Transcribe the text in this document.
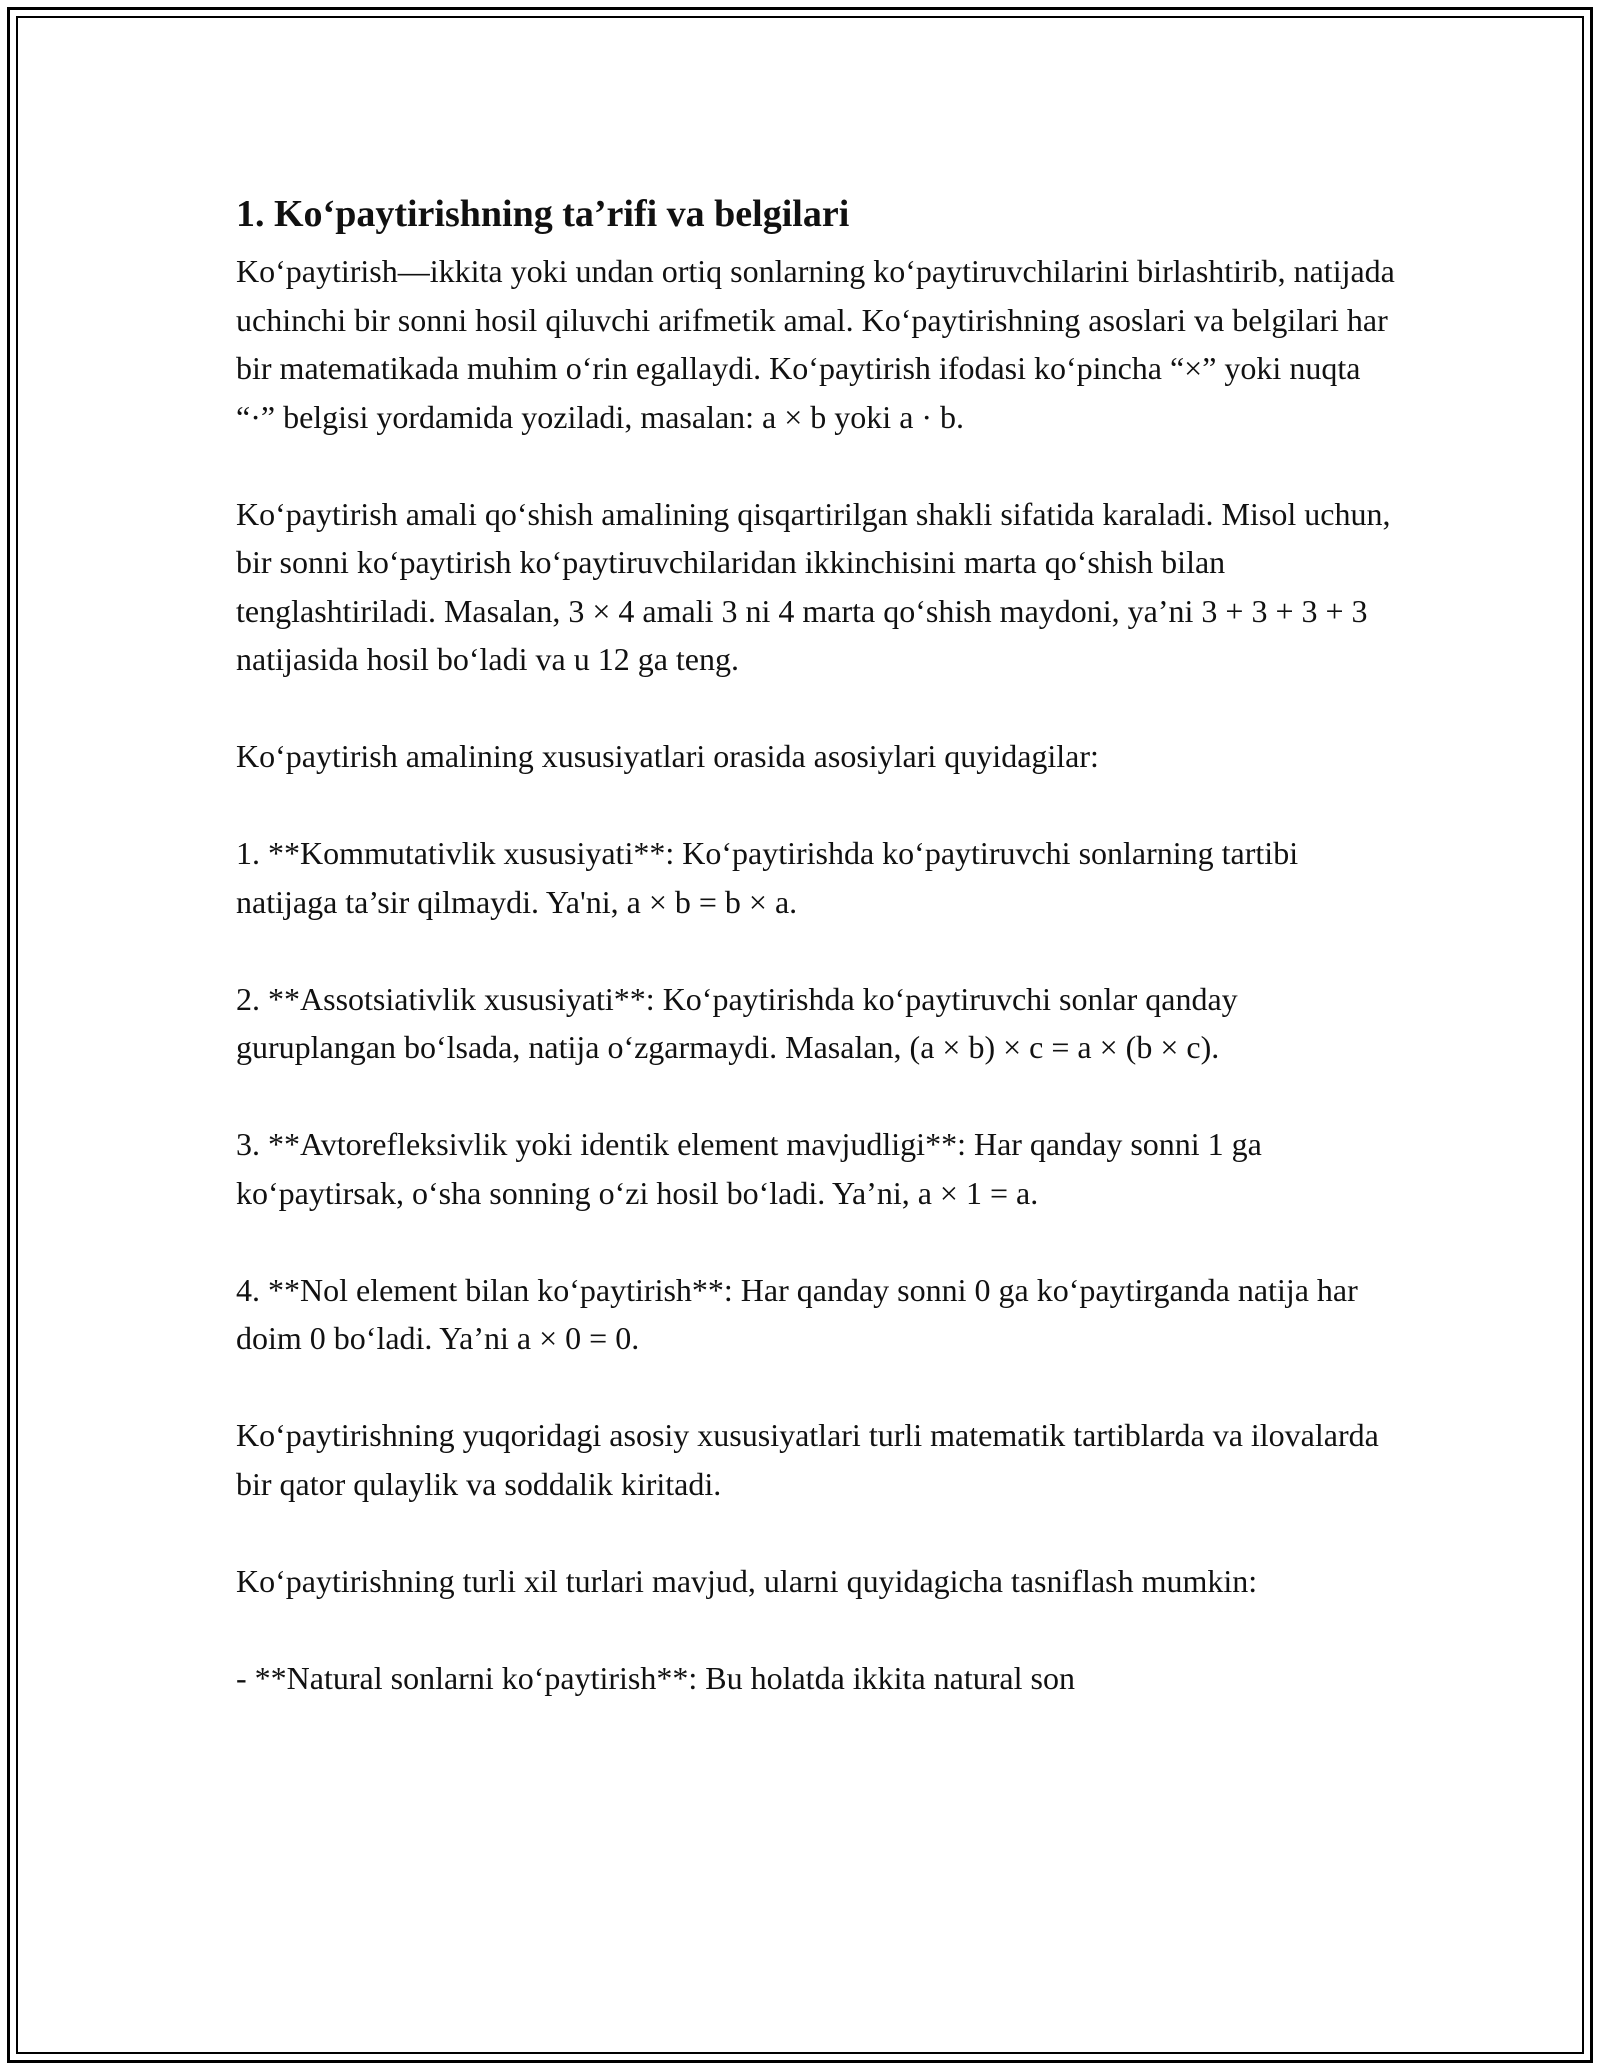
1. Ko‘paytirishning ta’rifi va belgilari

Ko‘paytirish—ikkita yoki undan ortiq sonlarning ko‘paytiruvchilarini birlashtirib, natijada uchinchi bir sonni hosil qiluvchi arifmetik amal. Ko‘paytirishning asoslari va belgilari har bir matematikada muhim o‘rin egallaydi. Ko‘paytirish ifodasi ko‘pincha “×” yoki nuqta “·” belgisi yordamida yoziladi, masalan: a × b yoki a · b.

Ko‘paytirish amali qo‘shish amalining qisqartirilgan shakli sifatida karaladi. Misol uchun, bir sonni ko‘paytirish ko‘paytiruvchilaridan ikkinchisini marta qo‘shish bilan tenglashtiriladi. Masalan, 3 × 4 amali 3 ni 4 marta qo‘shish maydoni, ya’ni 3 + 3 + 3 + 3 natijasida hosil bo‘ladi va u 12 ga teng.

Ko‘paytirish amalining xususiyatlari orasida asosiylari quyidagilar:

1. **Kommutativlik xususiyati**: Ko‘paytirishda ko‘paytiruvchi sonlarning tartibi natijaga ta’sir qilmaydi. Ya'ni, a × b = b × a.

2. **Assotsiativlik xususiyati**: Ko‘paytirishda ko‘paytiruvchi sonlar qanday guruplangan bo‘lsada, natija o‘zgarmaydi. Masalan, (a × b) × c = a × (b × c).

3. **Avtorefleksivlik yoki identik element mavjudligi**: Har qanday sonni 1 ga ko‘paytirsak, o‘sha sonning o‘zi hosil bo‘ladi. Ya’ni, a × 1 = a.

4. **Nol element bilan ko‘paytirish**: Har qanday sonni 0 ga ko‘paytirganda natija har doim 0 bo‘ladi. Ya’ni a × 0 = 0.

Ko‘paytirishning yuqoridagi asosiy xususiyatlari turli matematik tartiblarda va ilovalarda bir qator qulaylik va soddalik kiritadi.

Ko‘paytirishning turli xil turlari mavjud, ularni quyidagicha tasniflash mumkin:

- **Natural sonlarni ko‘paytirish**: Bu holatda ikkita natural son
